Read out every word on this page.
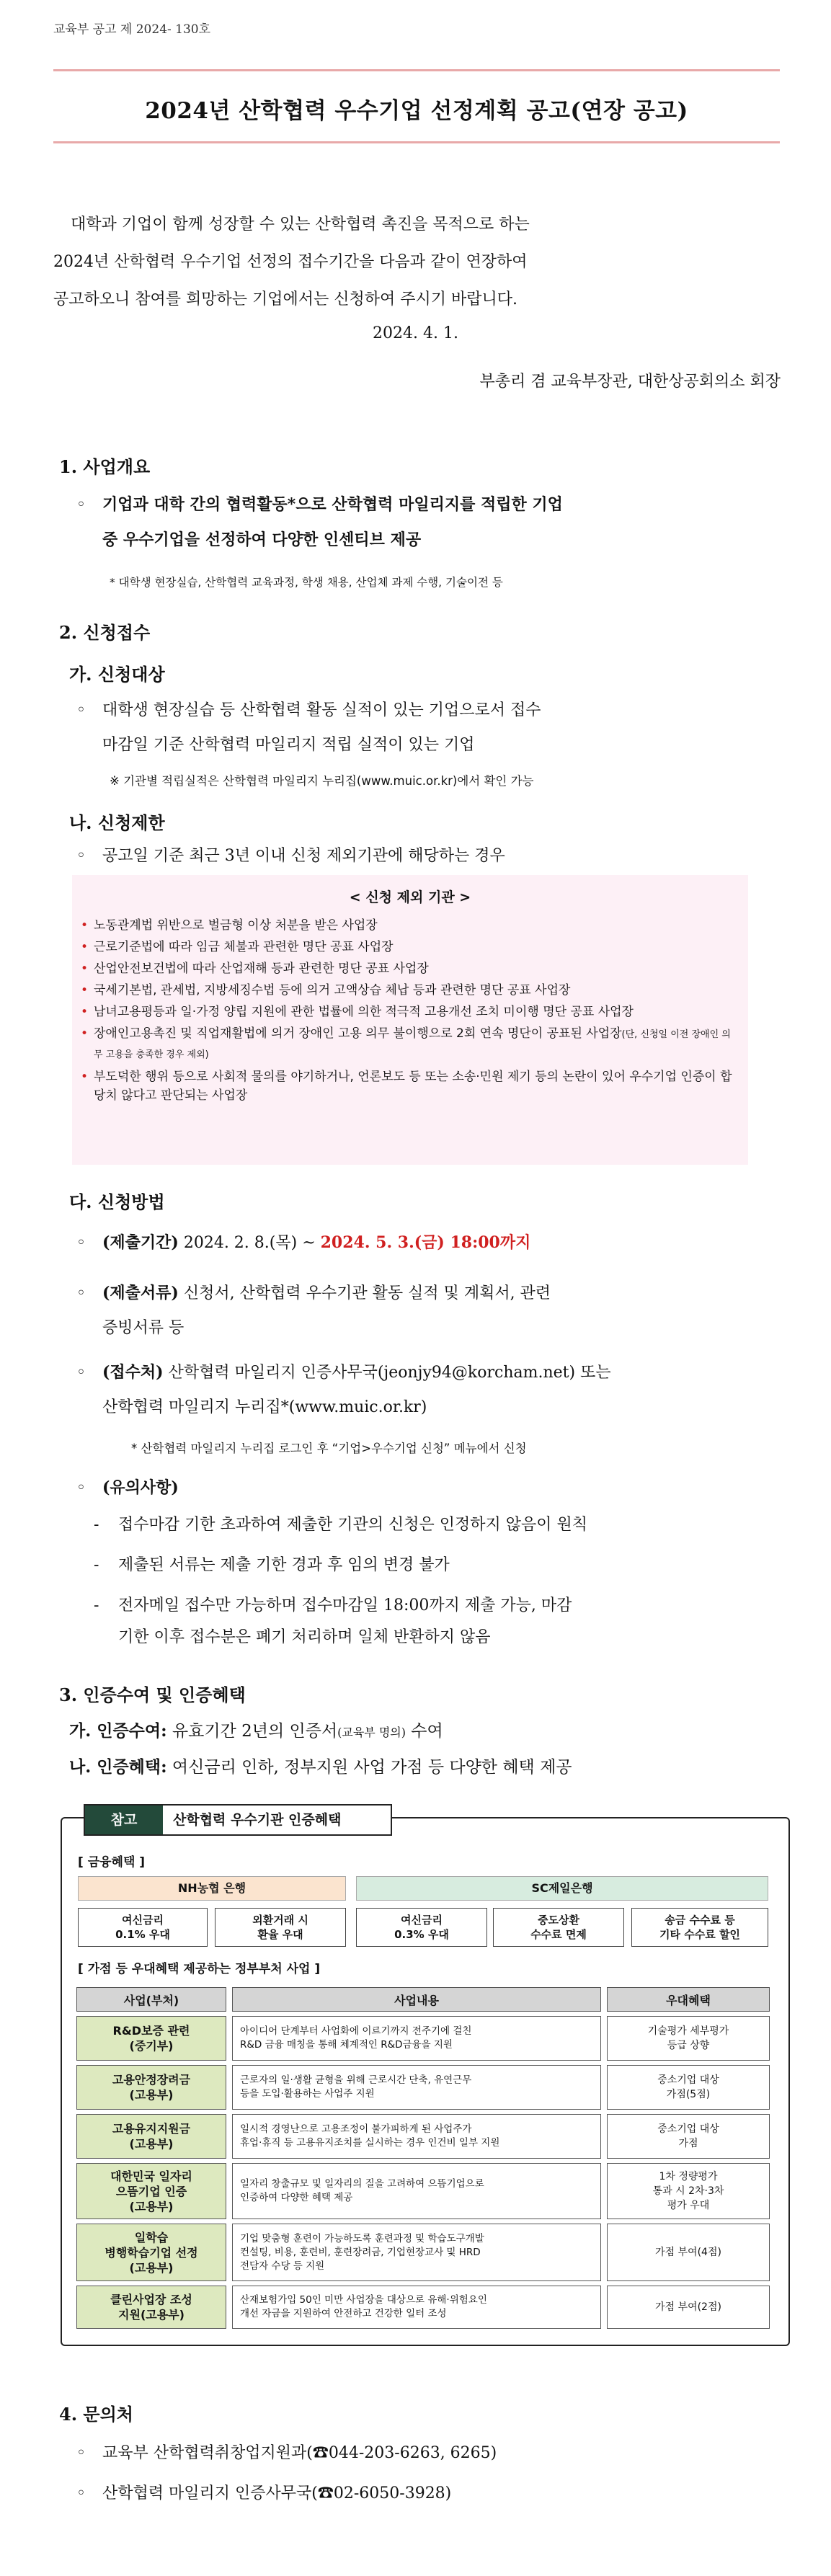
교육부 공고 제 2024- 130호
2024년 산학협력 우수기업 선정계획 공고(연장 공고)

대학과 기업이 함께 성장할 수 있는 산학협력 촉진을 목적으로 하는

2024년 산학협력 우수기업 선정의 접수기간을 다음과 같이 연장하여

공고하오니 참여를 희망하는 기업에서는 신청하여 주시기 바랍니다.

2024. 4. 1.
부총리 겸 교육부장관, 대한상공회의소 회장
1. 사업개요
◦ 기업과 대학 간의 협력활동*으로 산학협력 마일리지를 적립한 기업
중 우수기업을 선정하여 다양한 인센티브 제공
* 대학생 현장실습, 산학협력 교육과정, 학생 채용, 산업체 과제 수행, 기술이전 등
2. 신청접수
가. 신청대상
◦ 대학생 현장실습 등 산학협력 활동 실적이 있는 기업으로서 접수
마감일 기준 산학협력 마일리지 적립 실적이 있는 기업
※ 기관별 적립실적은 산학협력 마일리지 누리집(www.muic.or.kr)에서 확인 가능
나. 신청제한
◦ 공고일 기준 최근 3년 이내 신청 제외기관에 해당하는 경우
< 신청 제외 기관 >
• 노동관계법 위반으로 벌금형 이상 처분을 받은 사업장
• 근로기준법에 따라 임금 체불과 관련한 명단 공표 사업장
• 산업안전보건법에 따라 산업재해 등과 관련한 명단 공표 사업장
• 국세기본법, 관세법, 지방세징수법 등에 의거 고액상습 체납 등과 관련한 명단 공표 사업장
• 남녀고용평등과 일·가정 양립 지원에 관한 법률에 의한 적극적 고용개선 조치 미이행 명단 공표 사업장
• 장애인고용촉진 및 직업재활법에 의거 장애인 고용 의무 불이행으로 2회 연속 명단이 공표된 사업장(단, 신청일 이전 장애인 의무 고용을 충족한 경우 제외)
• 부도덕한 행위 등으로 사회적 물의를 야기하거나, 언론보도 등 또는 소송·민원 제기 등의 논란이 있어 우수기업 인증이 합당치 않다고 판단되는 사업장
다. 신청방법
◦ (제출기간) 2024. 2. 8.(목) ~ 2024. 5. 3.(금) 18:00까지
◦ (제출서류) 신청서, 산학협력 우수기관 활동 실적 및 계획서, 관련
증빙서류 등
◦ (접수처) 산학협력 마일리지 인증사무국(jeonjy94@korcham.net) 또는
산학협력 마일리지 누리집*(www.muic.or.kr)
* 산학협력 마일리지 누리집 로그인 후 “기업>우수기업 신청” 메뉴에서 신청
◦ (유의사항)
- 접수마감 기한 초과하여 제출한 기관의 신청은 인정하지 않음이 원칙
- 제출된 서류는 제출 기한 경과 후 임의 변경 불가
- 전자메일 접수만 가능하며 접수마감일 18:00까지 제출 가능, 마감
기한 이후 접수분은 폐기 처리하며 일체 반환하지 않음
3. 인증수여 및 인증혜택
가. 인증수여: 유효기간 2년의 인증서(교육부 명의) 수여
나. 인증혜택: 여신금리 인하, 정부지원 사업 가점 등 다양한 혜택 제공
참고	산학협력 우수기관 인증혜택
[ 금융혜택 ]
NH농협 은행	SC제일은행
여신금리
0.1% 우대
외환거래 시
환율 우대
여신금리
0.3% 우대
중도상환
수수료 면제
송금 수수료 등
기타 수수료 할인
[ 가점 등 우대혜택 제공하는 정부부처 사업 ]
사업(부처)		사업내용		우대혜택
R&D보증 관련
(중기부)		아이디어 단계부터 사업화에 이르기까지 전주기에 걸친
R&D 금융 매칭을 통해 체계적인 R&D금융을 지원		기술평가 세부평가
등급 상향
고용안정장려금
(고용부)		근로자의 일·생활 균형을 위해 근로시간 단축, 유연근무
등을 도입·활용하는 사업주 지원		중소기업 대상
가점(5점)
고용유지지원금
(고용부)		일시적 경영난으로 고용조정이 불가피하게 된 사업주가
휴업·휴직 등 고용유지조치를 실시하는 경우 인건비 일부 지원		중소기업 대상
가점
대한민국 일자리
으뜸기업 인증
(고용부)		일자리 창출규모 및 일자리의 질을 고려하여 으뜸기업으로
인증하여 다양한 혜택 제공		1차 정량평가
통과 시 2차·3차
평가 우대
일학습
병행학습기업 선정
(고용부)		기업 맞춤형 훈련이 가능하도록 훈련과정 및 학습도구개발
컨설팅, 비용, 훈련비, 훈련장려금, 기업현장교사 및 HRD
전담자 수당 등 지원		가점 부여(4점)
클린사업장 조성
지원(고용부)		산재보험가입 50인 미만 사업장을 대상으로 유해·위험요인
개선 자금을 지원하여 안전하고 건강한 일터 조성		가점 부여(2점)
4. 문의처
◦ 교육부 산학협력취창업지원과(☎044-203-6263, 6265)
◦ 산학협력 마일리지 인증사무국(☎02-6050-3928)
